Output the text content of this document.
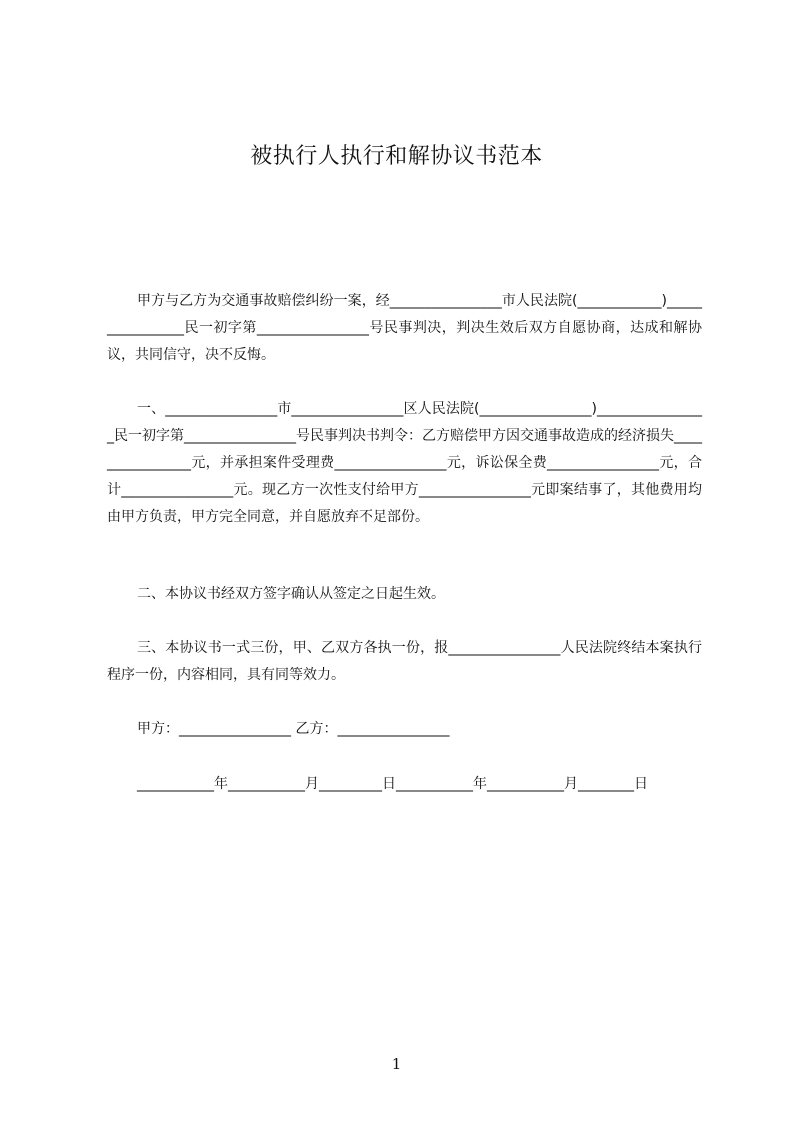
被执行人执行和解协议书范本

甲方与乙方为交通事故赔偿纠纷一案，经________________市人民法院(____________)________________民一初字第________________号民事判决，判决生效后双方自愿协商，达成和解协议，共同信守，决不反悔。

一、________________市________________区人民法院(________________)________________民一初字第________________号民事判决书判令：乙方赔偿甲方因交通事故造成的经济损失________________元，并承担案件受理费________________元，诉讼保全费________________元，合计________________元。现乙方一次性支付给甲方________________元即案结事了，其他费用均由甲方负责，甲方完全同意，并自愿放弃不足部份。

二、本协议书经双方签字确认从签定之日起生效。

三、本协议书一式三份，甲、乙双方各执一份，报________________人民法院终结本案执行程序一份，内容相同，具有同等效力。

甲方：________________ 乙方：________________

___________年___________月_________日___________年___________月________日

1
